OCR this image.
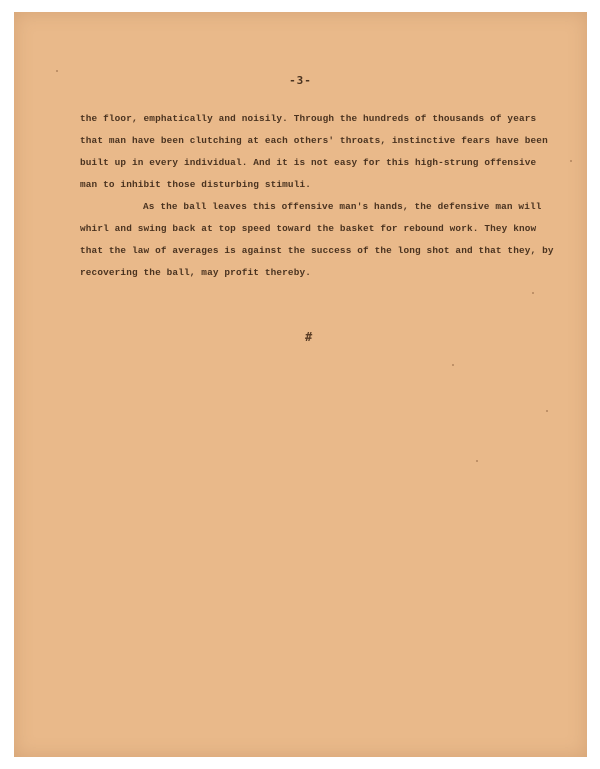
-3-
the floor, emphatically and noisily. Through the hundreds of thousands of years
that man have been clutching at each others' throats, instinctive fears have been
built up in every individual. And it is not easy for this high-strung offensive
man to inhibit those disturbing stimuli.
As the ball leaves this offensive man's hands, the defensive man will
whirl and swing back at top speed toward the basket for rebound work. They know
that the law of averages is against the success of the long shot and that they, by
recovering the ball, may profit thereby.
#
